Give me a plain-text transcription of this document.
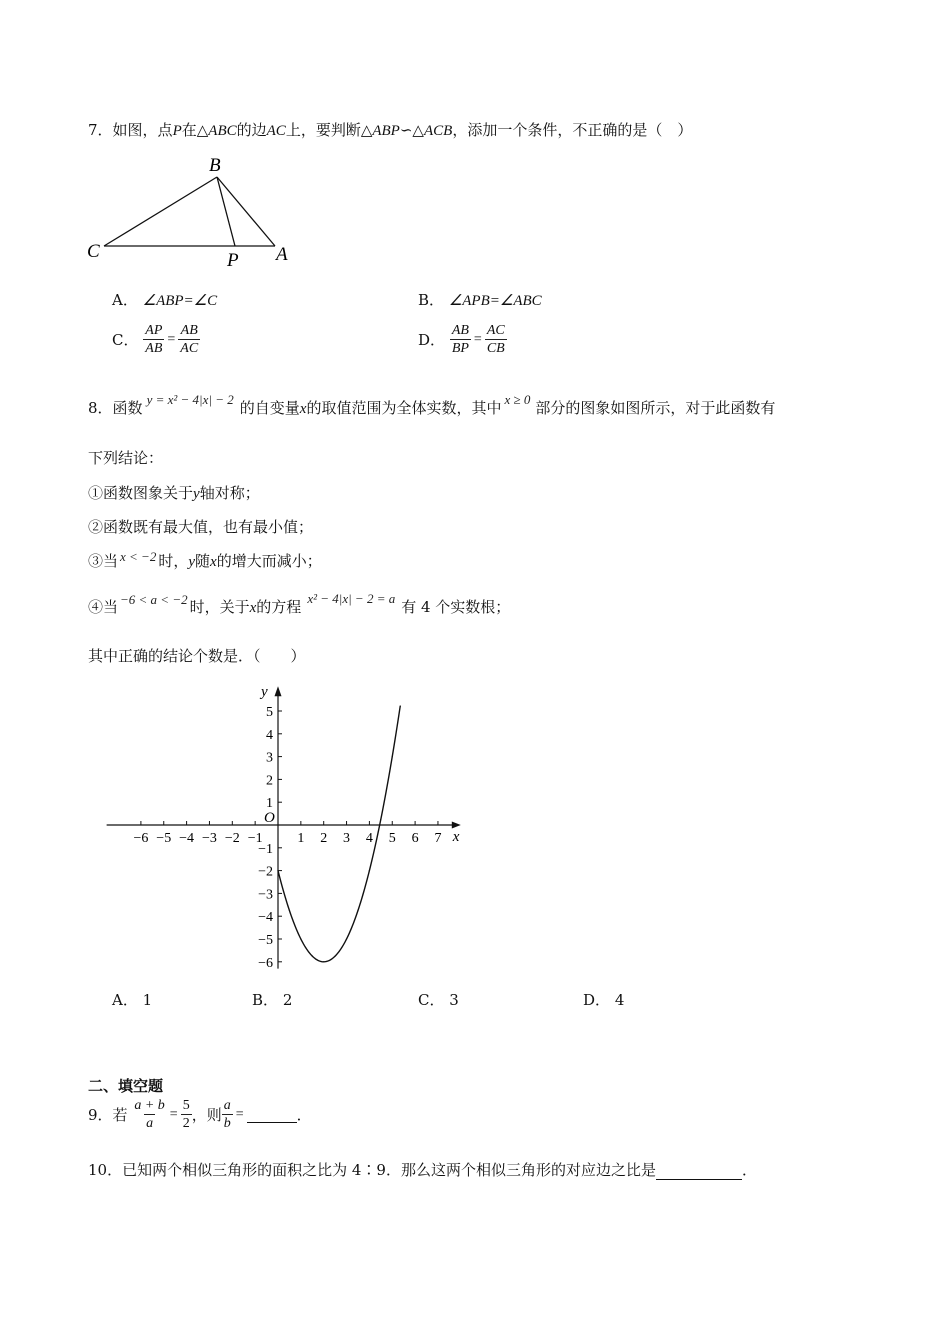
7．如图，点P在△ABC的边AC上，要判断△ABP∽△ACB，添加一个条件，不正确的是（　）
B
C	P A
A． ∠ABP=∠C	B． ∠APB=∠ABC
C． $\frac{AP}{AB} = \frac{AB}{AC}$	D． $\frac{AB}{BP} = \frac{AC}{CB}$
8．函数 y = x² − 4|x| − 2 的自变量x的取值范围为全体实数，其中 x ≥ 0 部分的图象如图所示，对于此函数有
下列结论：
①函数图象关于y轴对称；
②函数既有最大值，也有最小值；
③当 x < −2 时，y随x的增大而减小；
④当 −6 < a < −2 时，关于x的方程 x² − 4|x| − 2 = a 有 4 个实数根；
其中正确的结论个数是．（　　）
−6 −5 −4 −3 −2 −1 1 2 3 4 5 6 7
5
4
3
2
1
−1
−2
−3
−4
−5
−6
x
y
O
A． 1	B． 2	C． 3	D． 4
二、填空题
9．若 $\frac{a + b}{a} = \frac{5}{2}$ ，则 $\frac{a}{b}$ =	．
10．已知两个相似三角形的面积之比为 4∶9．那么这两个相似三角形的对应边之比是	．
